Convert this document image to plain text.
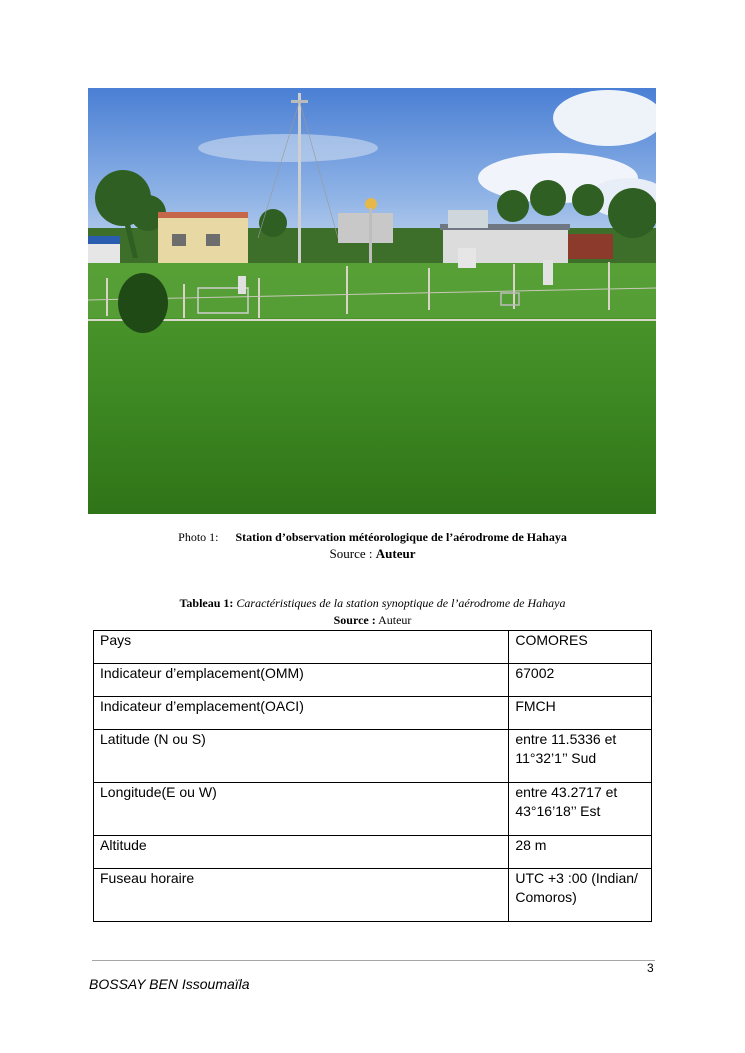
Photo 1: Station d’observation météorologique de l’aérodrome de Hahaya
Source : Auteur
Tableau 1: Caractéristiques de la station synoptique de l’aérodrome de Hahaya
Source : Auteur
Pays	COMORES
Indicateur d’emplacement(OMM)	67002
Indicateur d’emplacement(OACI)	FMCH
Latitude (N ou S)	entre 11.5336 et 11°32’1’’ Sud
Longitude(E ou W)	entre 43.2717 et 43°16’18’’ Est
Altitude	28 m
Fuseau horaire	UTC +3 :00 (Indian/ Comoros)
3
BOSSAY BEN Issoumaïla
